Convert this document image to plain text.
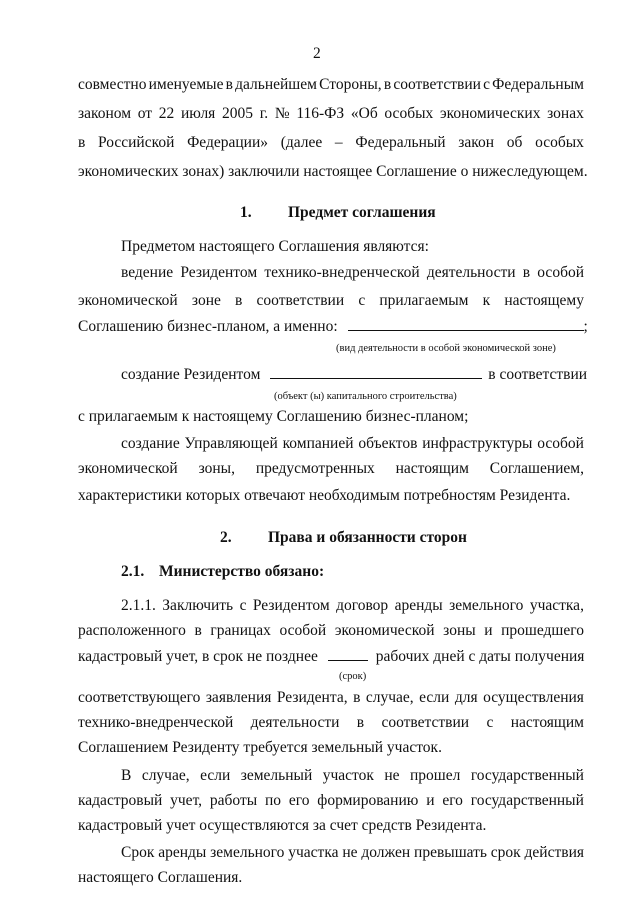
2
совместно именуемые в дальнейшем Стороны, в соответствии с Федеральным
законом от 22 июля 2005 г. № 116-ФЗ «Об особых экономических зонах
в Российской Федерации» (далее – Федеральный закон об особых
экономических зонах) заключили настоящее Соглашение о нижеследующем.
1. Предмет соглашения
Предметом настоящего Соглашения являются:
ведение Резидентом технико-внедренческой деятельности в особой
экономической зоне в соответствии с прилагаемым к настоящему
Соглашению бизнес-планом, а именно:	;
(вид деятельности в особой экономической зоне)
создание Резидентом	в соответствии
(объект (ы) капитального строительства)
с прилагаемым к настоящему Соглашению бизнес-планом;
создание Управляющей компанией объектов инфраструктуры особой
экономической зоны, предусмотренных настоящим Соглашением,
характеристики которых отвечают необходимым потребностям Резидента.
2. Права и обязанности сторон
2.1. Министерство обязано:
2.1.1. Заключить с Резидентом договор аренды земельного участка,
расположенного в границах особой экономической зоны и прошедшего
кадастровый учет, в срок не позднее	рабочих дней с даты получения
(срок)
соответствующего заявления Резидента, в случае, если для осуществления
технико-внедренческой деятельности в соответствии с настоящим
Соглашением Резиденту требуется земельный участок.
В случае, если земельный участок не прошел государственный
кадастровый учет, работы по его формированию и его государственный
кадастровый учет осуществляются за счет средств Резидента.
Срок аренды земельного участка не должен превышать срок действия
настоящего Соглашения.
